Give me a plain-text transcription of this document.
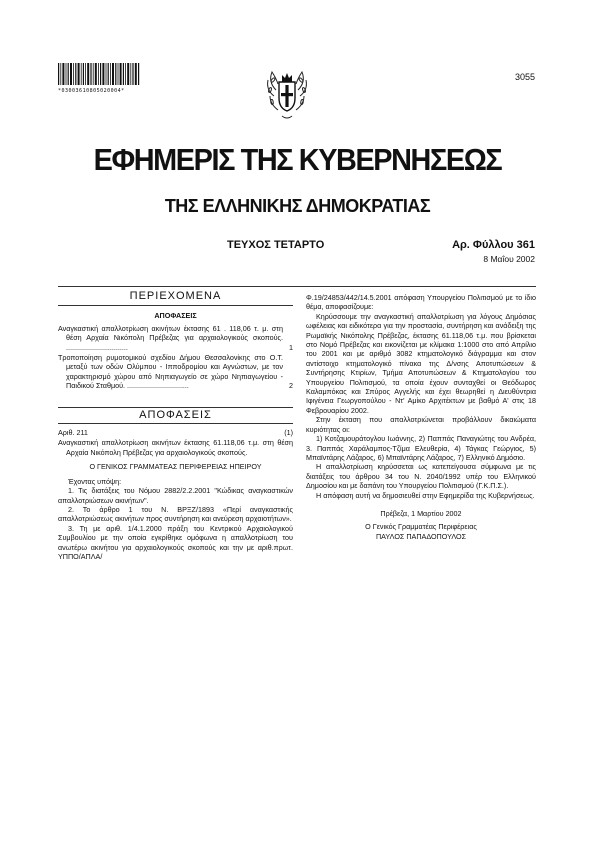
*03003610805020004*
3055
ΕΦΗΜΕΡΙΣ ΤΗΣ ΚΥΒΕΡΝΗΣΕΩΣ
ΤΗΣ ΕΛΛΗΝΙΚΗΣ ΔΗΜΟΚΡΑΤΙΑΣ
ΤΕΥΧΟΣ ΤΕΤΑΡΤΟ	Αρ. Φύλλου 361
8 Μαΐου 2002

ΠΕΡΙΕΧΟΜΕΝΑ

ΑΠΟΦΑΣΕΙΣ

Αναγκαστική απαλλοτρίωση ακινήτων έκτασης 61 . 118,06 τ. μ. στη θέση Αρχαία Νικόπολη Πρέβεζας για αρχαιολογικούς σκοπούς. ...............................	1
Τροποποίηση ρυμοτομικού σχεδίου Δήμου Θεσσαλονίκης στο Ο.Τ. μεταξύ των οδών Ολύμπου - Ιπποδρομίου και Αγνώστων, με τον χαρακτηρισμό χώρου από Νηπιαγωγείο σε χώρο Νηπιαγωγείου - Παιδικού Σταθμού. ...............................	2

ΑΠΟΦΑΣΕΙΣ

Αριθ. 211	(1)

Αναγκαστική απαλλοτρίωση ακινήτων έκτασης 61.118,06 τ.μ. στη θέση Αρχαία Νικόπολη Πρέβεζας για αρχαιολογικούς σκοπούς.

Ο ΓΕΝΙΚΟΣ ΓΡΑΜΜΑΤΕΑΣ ΠΕΡΙΦΕΡΕΙΑΣ ΗΠΕΙΡΟΥ

Έχοντας υπόψη:

1. Τις διατάξεις του Νόμου 2882/2.2.2001 "Κώδικας αναγκαστικών απαλλοτριώσεων ακινήτων".

2. Το άρθρο 1 του Ν. ΒΡΞΖ/1893 «Περί αναγκαστικής απαλλοτριώσεως ακινήτων προς συντήρηση και ανεύρεση αρχαιοτήτων».

3. Τη με αριθ. 1/4.1.2000 πράξη του Κεντρικού Αρχαιολογικού Συμβουλίου με την οποία εγκρίθηκε ομόφωνα η απαλλοτρίωση του ανωτέρω ακινήτου για αρχαιολογικούς σκοπούς και την με αριθ.πρωτ. ΥΠΠΟ/ΑΠΛΑ/

Φ.19/24853/442/14.5.2001 απόφαση Υπουργείου Πολιτισμού με το ίδιο θέμα, αποφασίζουμε:

Κηρύσσουμε την αναγκαστική απαλλοτρίωση για λόγους Δημόσιας ωφέλειας και ειδικότερα για την προστασία, συντήρηση και ανάδειξη της Ρωμαϊκής Νικόπολης Πρέβεζας, έκτασης 61.118,06 τ.μ. που βρίσκεται στο Νομό Πρέβεζας και εικονίζεται με κλίμακα 1:1000 στο από Απρίλιο του 2001 και με αριθμό 3082 κτηματολογικό διάγραμμα και στον αντίστοιχο κτηματολογικό πίνακα της Δ/νσης Αποτυπώσεων & Συντήρησης Κτιρίων, Τμήμα Αποτυπώσεων & Κτηματολογίου του Υπουργείου Πολιτισμού, τα οποία έχουν συνταχθεί οι Θεόδωρος Καλαμπόκας και Σπύρος Αγγελής και έχει θεωρηθεί η Διευθύντρια Ιφιγένεια Γεωργοπούλου - Ντ' Αμίκο Αρχιτέκτων με βαθμό Α' στις 18 Φεβρουαρίου 2002.

Στην έκταση που απαλλοτριώνεται προβάλλουν δικαιώματα κυριότητας οι:

1) Κοτζαμουράτογλου Ιωάννης, 2) Παππάς Παναγιώτης του Ανδρέα, 3. Παππάς Χαράλαμπος-Τζίμα Ελευθερία, 4) Τάγκας Γεώργιος, 5) Μπαϊντάρης Λάζαρος, 6) Μπαϊντάρης Λάζαρος, 7) Ελληνικό Δημόσιο.

Η απαλλοτρίωση κηρύσσεται ως κατεπείγουσα σύμφωνα με τις διατάξεις του άρθρου 34 του Ν. 2040/1992 υπέρ του Ελληνικού Δημοσίου και με δαπάνη του Υπουργείου Πολιτισμού (Γ.Κ.Π.Σ.).

Η απόφαση αυτή να δημοσιευθεί στην Εφημερίδα της Κυβερνήσεως.

Πρέβεζα, 1 Μαρτίου 2002

Ο Γενικός Γραμματέας Περιφέρειας

ΠΑΥΛΟΣ ΠΑΠΑΔΟΠΟΥΛΟΣ
